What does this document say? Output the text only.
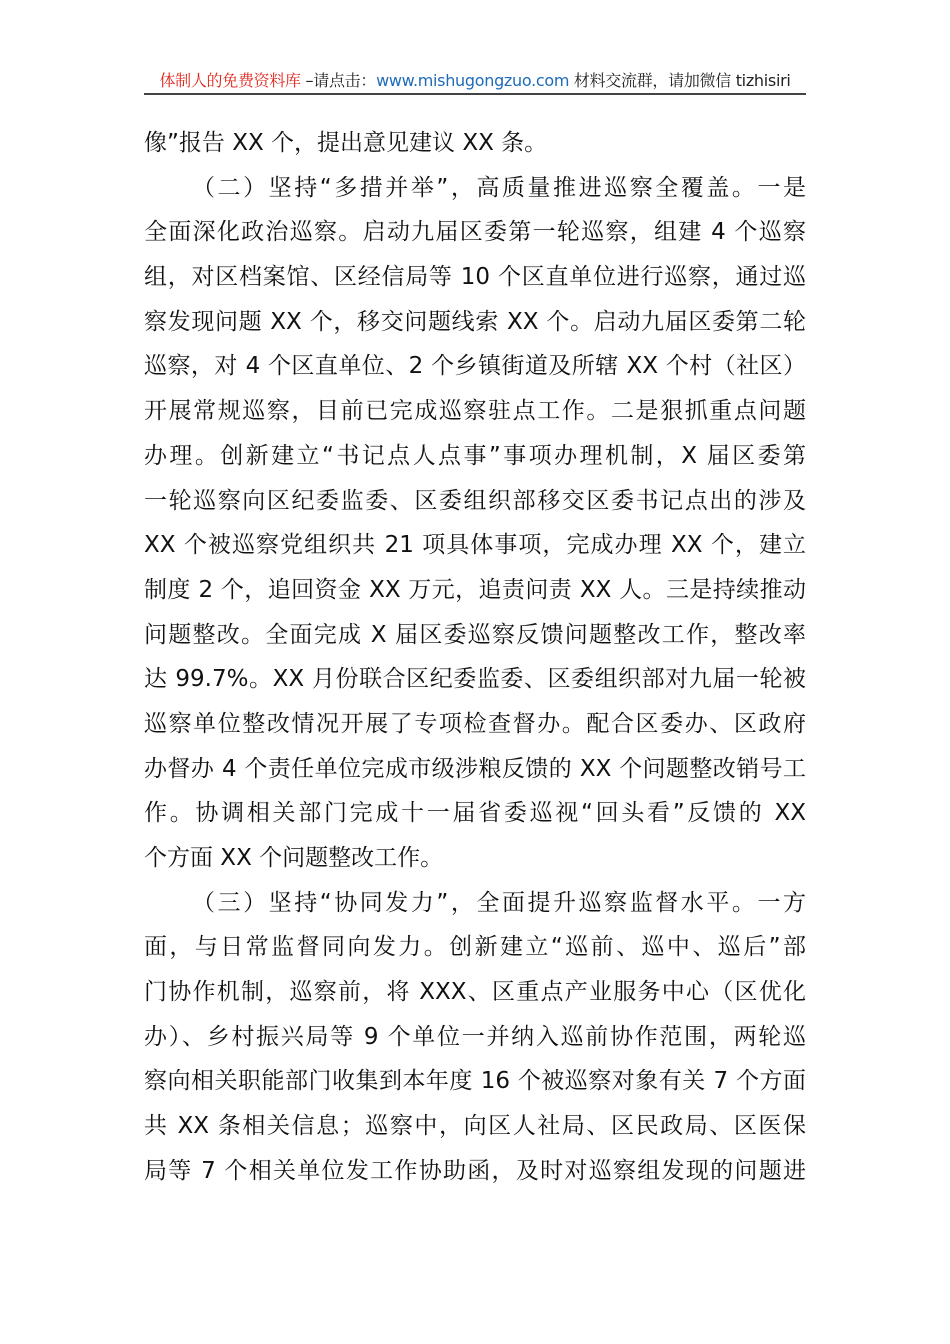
体制人的免费资料库 –请点击：www.mishugongzuo.com 材料交流群，请加微信 tizhisiri
像”报告 XX 个，提出意见建议 XX 条。
（二）坚持“多措并举”，高质量推进巡察全覆盖。一是
全面深化政治巡察。启动九届区委第一轮巡察，组建 4 个巡察
组，对区档案馆、区经信局等 10 个区直单位进行巡察，通过巡
察发现问题 XX 个，移交问题线索 XX 个。启动九届区委第二轮
巡察，对 4 个区直单位、2 个乡镇街道及所辖 XX 个村（社区）
开展常规巡察，目前已完成巡察驻点工作。二是狠抓重点问题
办理。创新建立“书记点人点事”事项办理机制，X 届区委第
一轮巡察向区纪委监委、区委组织部移交区委书记点出的涉及
XX 个被巡察党组织共 21 项具体事项，完成办理 XX 个，建立
制度 2 个，追回资金 XX 万元，追责问责 XX 人。三是持续推动
问题整改。全面完成 X 届区委巡察反馈问题整改工作，整改率
达 99.7%。XX 月份联合区纪委监委、区委组织部对九届一轮被
巡察单位整改情况开展了专项检查督办。配合区委办、区政府
办督办 4 个责任单位完成市级涉粮反馈的 XX 个问题整改销号工
作。协调相关部门完成十一届省委巡视“回头看”反馈的 XX
个方面 XX 个问题整改工作。
（三）坚持“协同发力”，全面提升巡察监督水平。一方
面，与日常监督同向发力。创新建立“巡前、巡中、巡后”部
门协作机制，巡察前，将 XXX、区重点产业服务中心（区优化
办）、乡村振兴局等 9 个单位一并纳入巡前协作范围，两轮巡
察向相关职能部门收集到本年度 16 个被巡察对象有关 7 个方面
共 XX 条相关信息；巡察中，向区人社局、区民政局、区医保
局等 7 个相关单位发工作协助函，及时对巡察组发现的问题进
